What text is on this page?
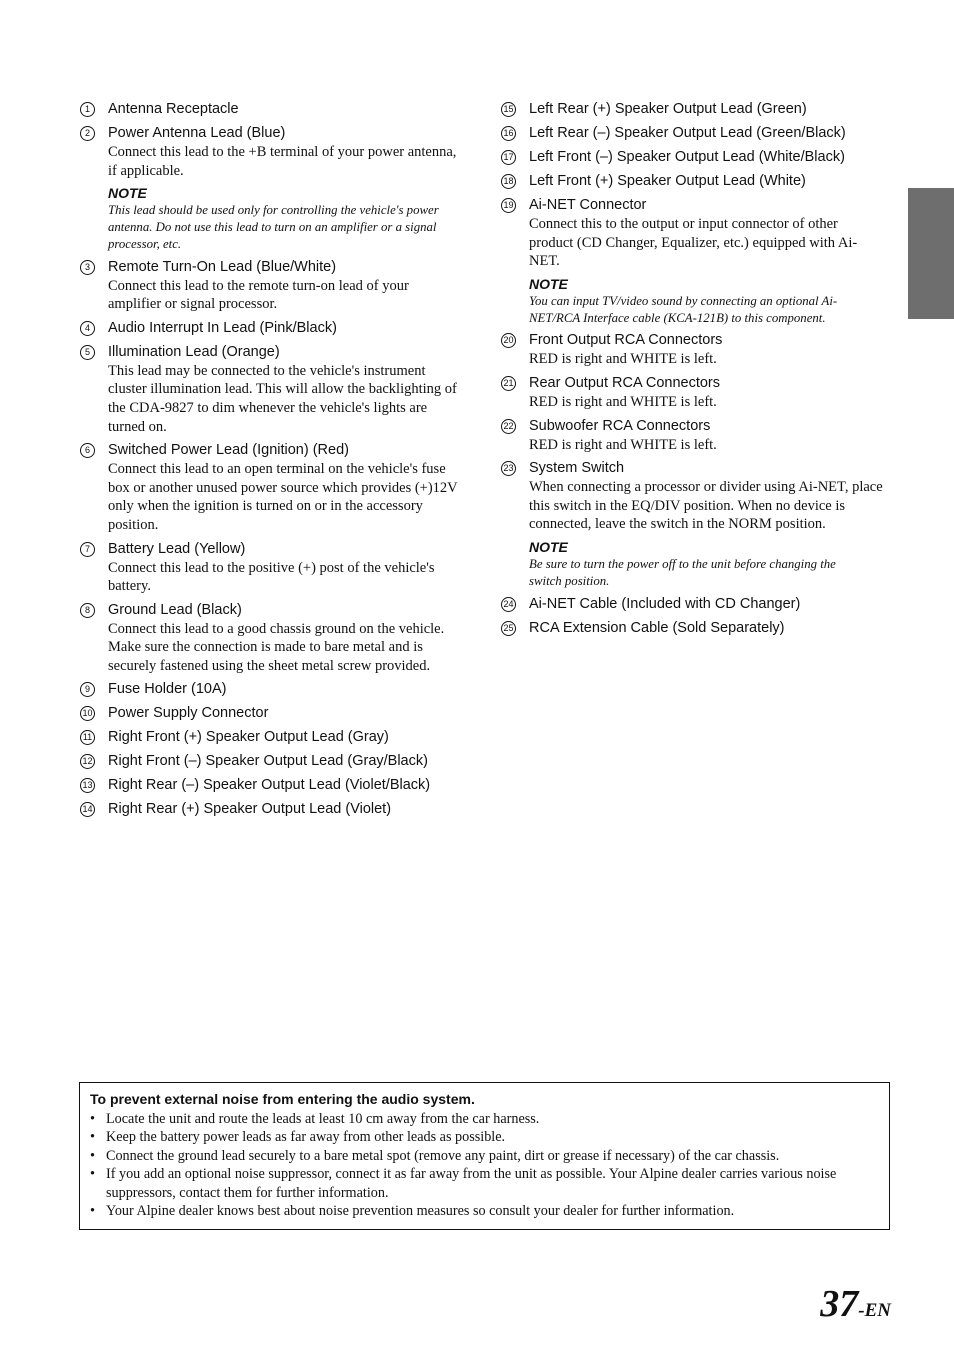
1	Antenna Receptacle
2	Power Antenna Lead (Blue)
Connect this lead to the +B terminal of your power antenna,
if applicable.
NOTE
This lead should be used only for controlling the vehicle's power
antenna. Do not use this lead to turn on an amplifier or a signal
processor, etc.
3	Remote Turn-On Lead (Blue/White)
Connect this lead to the remote turn-on lead of your
amplifier or signal processor.
4	Audio Interrupt In Lead (Pink/Black)
5	Illumination Lead (Orange)
This lead may be connected to the vehicle's instrument
cluster illumination lead. This will allow the backlighting of
the CDA-9827 to dim whenever the vehicle's lights are
turned on.
6	Switched Power Lead (Ignition) (Red)
Connect this lead to an open terminal on the vehicle's fuse
box or another unused power source which provides (+)12V
only when the ignition is turned on or in the accessory
position.
7	Battery Lead (Yellow)
Connect this lead to the positive (+) post of the vehicle's
battery.
8	Ground Lead (Black)
Connect this lead to a good chassis ground on the vehicle.
Make sure the connection is made to bare metal and is
securely fastened using the sheet metal screw provided.
9	Fuse Holder (10A)
10 Power Supply Connector
11 Right Front (+) Speaker Output Lead (Gray)
12 Right Front (–) Speaker Output Lead (Gray/Black)
13 Right Rear (–) Speaker Output Lead (Violet/Black)
14 Right Rear (+) Speaker Output Lead (Violet)
15 Left Rear (+) Speaker Output Lead (Green)
16 Left Rear (–) Speaker Output Lead (Green/Black)
17 Left Front (–) Speaker Output Lead (White/Black)
18 Left Front (+) Speaker Output Lead (White)
19 Ai-NET Connector
Connect this to the output or input connector of other
product (CD Changer, Equalizer, etc.) equipped with Ai-
NET.
NOTE
You can input TV/video sound by connecting an optional Ai-
NET/RCA Interface cable (KCA-121B) to this component.
20 Front Output RCA Connectors
RED is right and WHITE is left.
21 Rear Output RCA Connectors
RED is right and WHITE is left.
22 Subwoofer RCA Connectors
RED is right and WHITE is left.
23 System Switch
When connecting a processor or divider using Ai-NET, place
this switch in the EQ/DIV position. When no device is
connected, leave the switch in the NORM position.
NOTE
Be sure to turn the power off to the unit before changing the
switch position.
24 Ai-NET Cable (Included with CD Changer)
25 RCA Extension Cable (Sold Separately)
To prevent external noise from entering the audio system.
• Locate the unit and route the leads at least 10 cm away from the car harness.
• Keep the battery power leads as far away from other leads as possible.
• Connect the ground lead securely to a bare metal spot (remove any paint, dirt or grease if necessary) of the car chassis.
• If you add an optional noise suppressor, connect it as far away from the unit as possible. Your Alpine dealer carries various noise suppressors, contact them for further information.
• Your Alpine dealer knows best about noise prevention measures so consult your dealer for further information.
37-EN
